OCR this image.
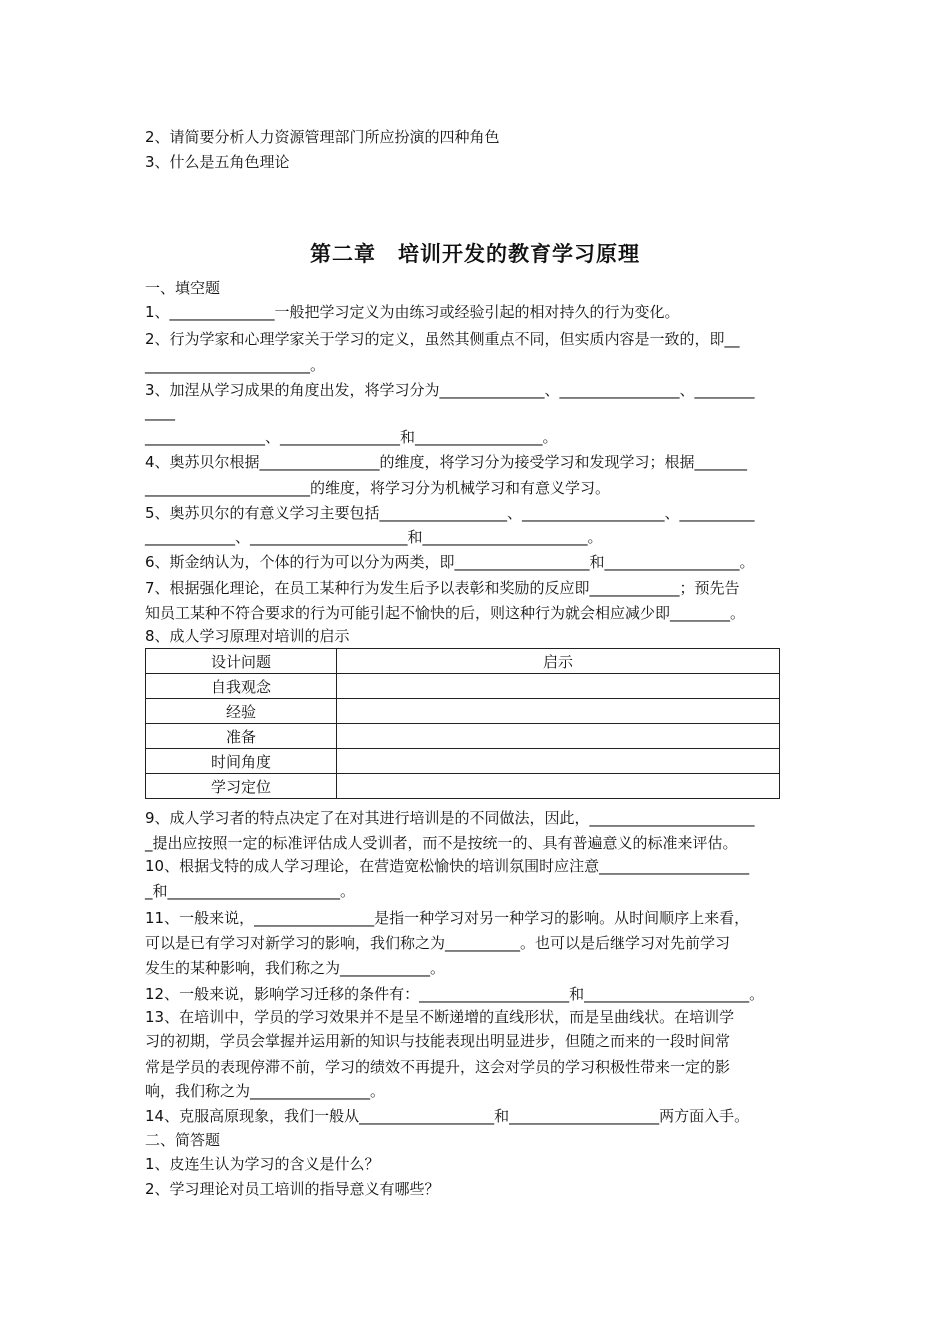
2、请简要分析人力资源管理部门所应扮演的四种角色
3、什么是五角色理论
第二章　培训开发的教育学习原理
一、填空题
1、______________一般把学习定义为由练习或经验引起的相对持久的行为变化。
2、行为学家和心理学家关于学习的定义，虽然其侧重点不同，但实质内容是一致的，即__
______________________。
3、加涅从学习成果的角度出发，将学习分为______________、________________、________
____
________________、________________和_________________。
4、奥苏贝尔根据________________的维度，将学习分为接受学习和发现学习；根据_______
______________________的维度，将学习分为机械学习和有意义学习。
5、奥苏贝尔的有意义学习主要包括_________________、___________________、__________
____________、_____________________和______________________。
6、斯金纳认为，个体的行为可以分为两类，即__________________和__________________。
7、根据强化理论，在员工某种行为发生后予以表彰和奖励的反应即____________；预先告
知员工某种不符合要求的行为可能引起不愉快的后，则这种行为就会相应减少即________。
8、成人学习原理对培训的启示
设计问题	启示
自我观念	
经验	
准备	
时间角度	
学习定位	
9、成人学习者的特点决定了在对其进行培训是的不同做法，因此，______________________
_提出应按照一定的标准评估成人受训者，而不是按统一的、具有普遍意义的标准来评估。
10、根据戈特的成人学习理论，在营造宽松愉快的培训氛围时应注意____________________
_和_______________________。
11、一般来说，________________是指一种学习对另一种学习的影响。从时间顺序上来看，
可以是已有学习对新学习的影响，我们称之为__________。也可以是后继学习对先前学习
发生的某种影响，我们称之为____________。
12、一般来说，影响学习迁移的条件有：____________________和______________________。
13、在培训中，学员的学习效果并不是呈不断递增的直线形状，而是呈曲线状。在培训学
习的初期，学员会掌握并运用新的知识与技能表现出明显进步，但随之而来的一段时间常
常是学员的表现停滞不前，学习的绩效不再提升，这会对学员的学习积极性带来一定的影
响，我们称之为________________。
14、克服高原现象，我们一般从__________________和____________________两方面入手。
二、简答题
1、皮连生认为学习的含义是什么？
2、学习理论对员工培训的指导意义有哪些？
